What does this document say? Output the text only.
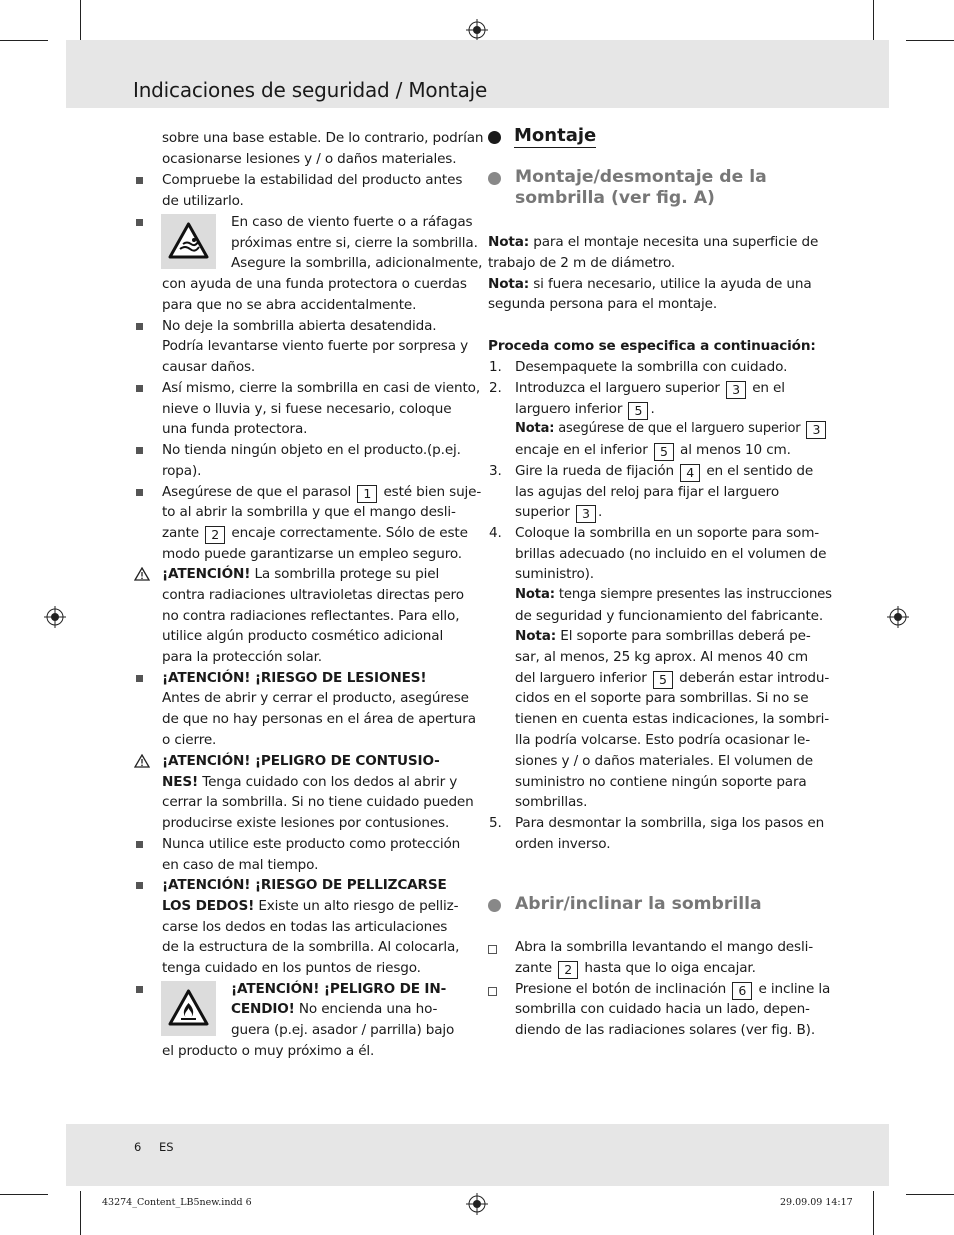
Indicaciones de seguridad / Montaje
sobre una base estable. De lo contrario, podrían
ocasionarse lesiones y / o daños materiales.
Compruebe la estabilidad del producto antes
de utilizarlo.
En caso de viento fuerte o a ráfagas
próximas entre si, cierre la sombrilla.
Asegure la sombrilla, adicionalmente,
con ayuda de una funda protectora o cuerdas
para que no se abra accidentalmente.
No deje la sombrilla abierta desatendida.
Podría levantarse viento fuerte por sorpresa y
causar daños.
Así mismo, cierre la sombrilla en casi de viento,
nieve o lluvia y, si fuese necesario, coloque
una funda protectora.
No tienda ningún objeto en el producto.(p.ej.
ropa).
Asegúrese de que el parasol 1 esté bien suje-
to al abrir la sombrilla y que el mango desli-
zante 2 encaje correctamente. Sólo de este
modo puede garantizarse un empleo seguro.
¡ATENCIÓN! La sombrilla protege su piel
contra radiaciones ultravioletas directas pero
no contra radiaciones reflectantes. Para ello,
utilice algún producto cosmético adicional
para la protección solar.
¡ATENCIÓN! ¡RIESGO DE LESIONES!
Antes de abrir y cerrar el producto, asegúrese
de que no hay personas en el área de apertura
o cierre.
¡ATENCIÓN! ¡PELIGRO DE CONTUSIO-
NES! Tenga cuidado con los dedos al abrir y
cerrar la sombrilla. Si no tiene cuidado pueden
producirse existe lesiones por contusiones.
Nunca utilice este producto como protección
en caso de mal tiempo.
¡ATENCIÓN! ¡RIESGO DE PELLIZCARSE
LOS DEDOS! Existe un alto riesgo de pelliz-
carse los dedos en todas las articulaciones
de la estructura de la sombrilla. Al colocarla,
tenga cuidado en los puntos de riesgo.
¡ATENCIÓN! ¡PELIGRO DE IN-
CENDIO! No encienda una ho-
guera (p.ej. asador / parrilla) bajo
el producto o muy próximo a él.
Montaje
Montaje/desmontaje de la
sombrilla (ver fig. A)
Nota: para el montaje necesita una superficie de
trabajo de 2 m de diámetro.
Nota: si fuera necesario, utilice la ayuda de una
segunda persona para el montaje.
Proceda como se especifica a continuación:
1. Desempaquete la sombrilla con cuidado.
2. Introduzca el larguero superior 3 en el
larguero inferior 5 .
Nota: asegúrese de que el larguero superior 3
encaje en el inferior 5 al menos 10 cm.
3. Gire la rueda de fijación 4 en el sentido de
las agujas del reloj para fijar el larguero
superior 3 .
4. Coloque la sombrilla en un soporte para som-
brillas adecuado (no incluido en el volumen de
suministro).
Nota: tenga siempre presentes las instrucciones
de seguridad y funcionamiento del fabricante.
Nota: El soporte para sombrillas deberá pe-
sar, al menos, 25 kg aprox. Al menos 40 cm
del larguero inferior 5 deberán estar introdu-
cidos en el soporte para sombrillas. Si no se
tienen en cuenta estas indicaciones, la sombri-
lla podría volcarse. Esto podría ocasionar le-
siones y / o daños materiales. El volumen de
suministro no contiene ningún soporte para
sombrillas.
5. Para desmontar la sombrilla, siga los pasos en
orden inverso.
Abrir/inclinar la sombrilla
Abra la sombrilla levantando el mango desli-
zante 2 hasta que lo oiga encajar.
Presione el botón de inclinación 6 e incline la
sombrilla con cuidado hacia un lado, depen-
diendo de las radiaciones solares (ver fig. B).
6 ES
43274_Content_LB5new.indd 6	29.09.09 14:17
